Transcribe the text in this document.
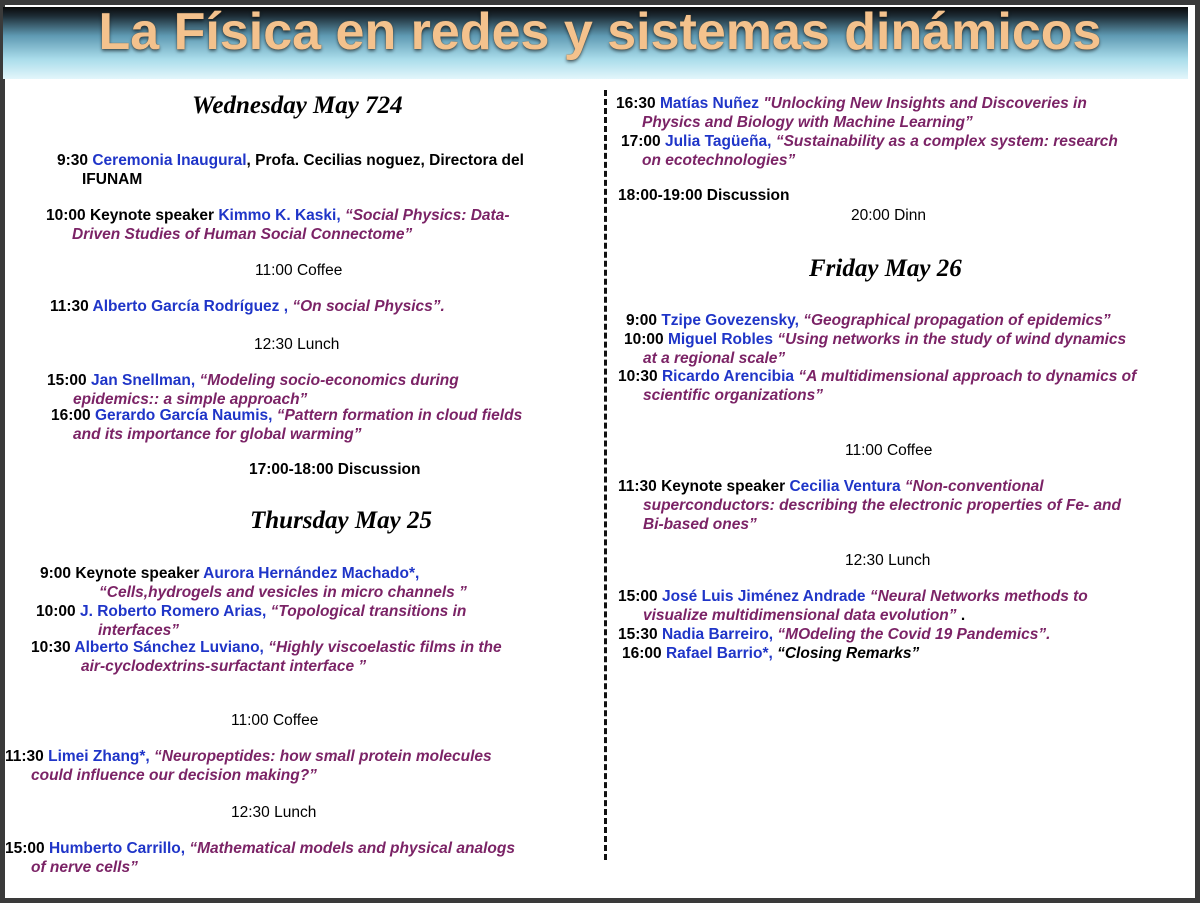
La Física en redes y sistemas dinámicos
Wednesday May 724
9:30 Ceremonia Inaugural, Profa. Cecilias noguez, Directora del
IFUNAM
10:00 Keynote speaker Kimmo K. Kaski, “Social Physics: Data-
Driven Studies of Human Social Connectome”
11:00 Coffee
11:30 Alberto García Rodríguez , “On social Physics”.
12:30 Lunch
15:00 Jan Snellman, “Modeling socio-economics during
epidemics:: a simple approach”
16:00 Gerardo García Naumis, “Pattern formation in cloud fields
and its importance for global warming”
17:00-18:00 Discussion
Thursday May 25
9:00 Keynote speaker Aurora Hernández Machado*,
“Cells,hydrogels and vesicles in micro channels ”
10:00 J. Roberto Romero Arias, “Topological transitions in
interfaces”
10:30 Alberto Sánchez Luviano, “Highly viscoelastic films in the
air-cyclodextrins-surfactant interface ”
11:00 Coffee
11:30 Limei Zhang*, “Neuropeptides: how small protein molecules
could influence our decision making?”
12:30 Lunch
15:00 Humberto Carrillo, “Mathematical models and physical analogs
of nerve cells”
16:30 Matías Nuñez "Unlocking New Insights and Discoveries in
Physics and Biology with Machine Learning”
17:00 Julia Tagüeña, “Sustainability as a complex system: research
on ecotechnologies”
18:00-19:00 Discussion
20:00 Dinn
Friday May 26
9:00 Tzipe Govezensky, “Geographical propagation of epidemics”
10:00 Miguel Robles “Using networks in the study of wind dynamics
at a regional scale”
10:30 Ricardo Arencibia “A multidimensional approach to dynamics of
scientific organizations”
11:00 Coffee
11:30 Keynote speaker Cecilia Ventura “Non-conventional
superconductors: describing the electronic properties of Fe- and
Bi-based ones”
12:30 Lunch
15:00 José Luis Jiménez Andrade “Neural Networks methods to
visualize multidimensional data evolution” .
15:30 Nadia Barreiro, “MOdeling the Covid 19 Pandemics”.
16:00 Rafael Barrio*, “Closing Remarks”
